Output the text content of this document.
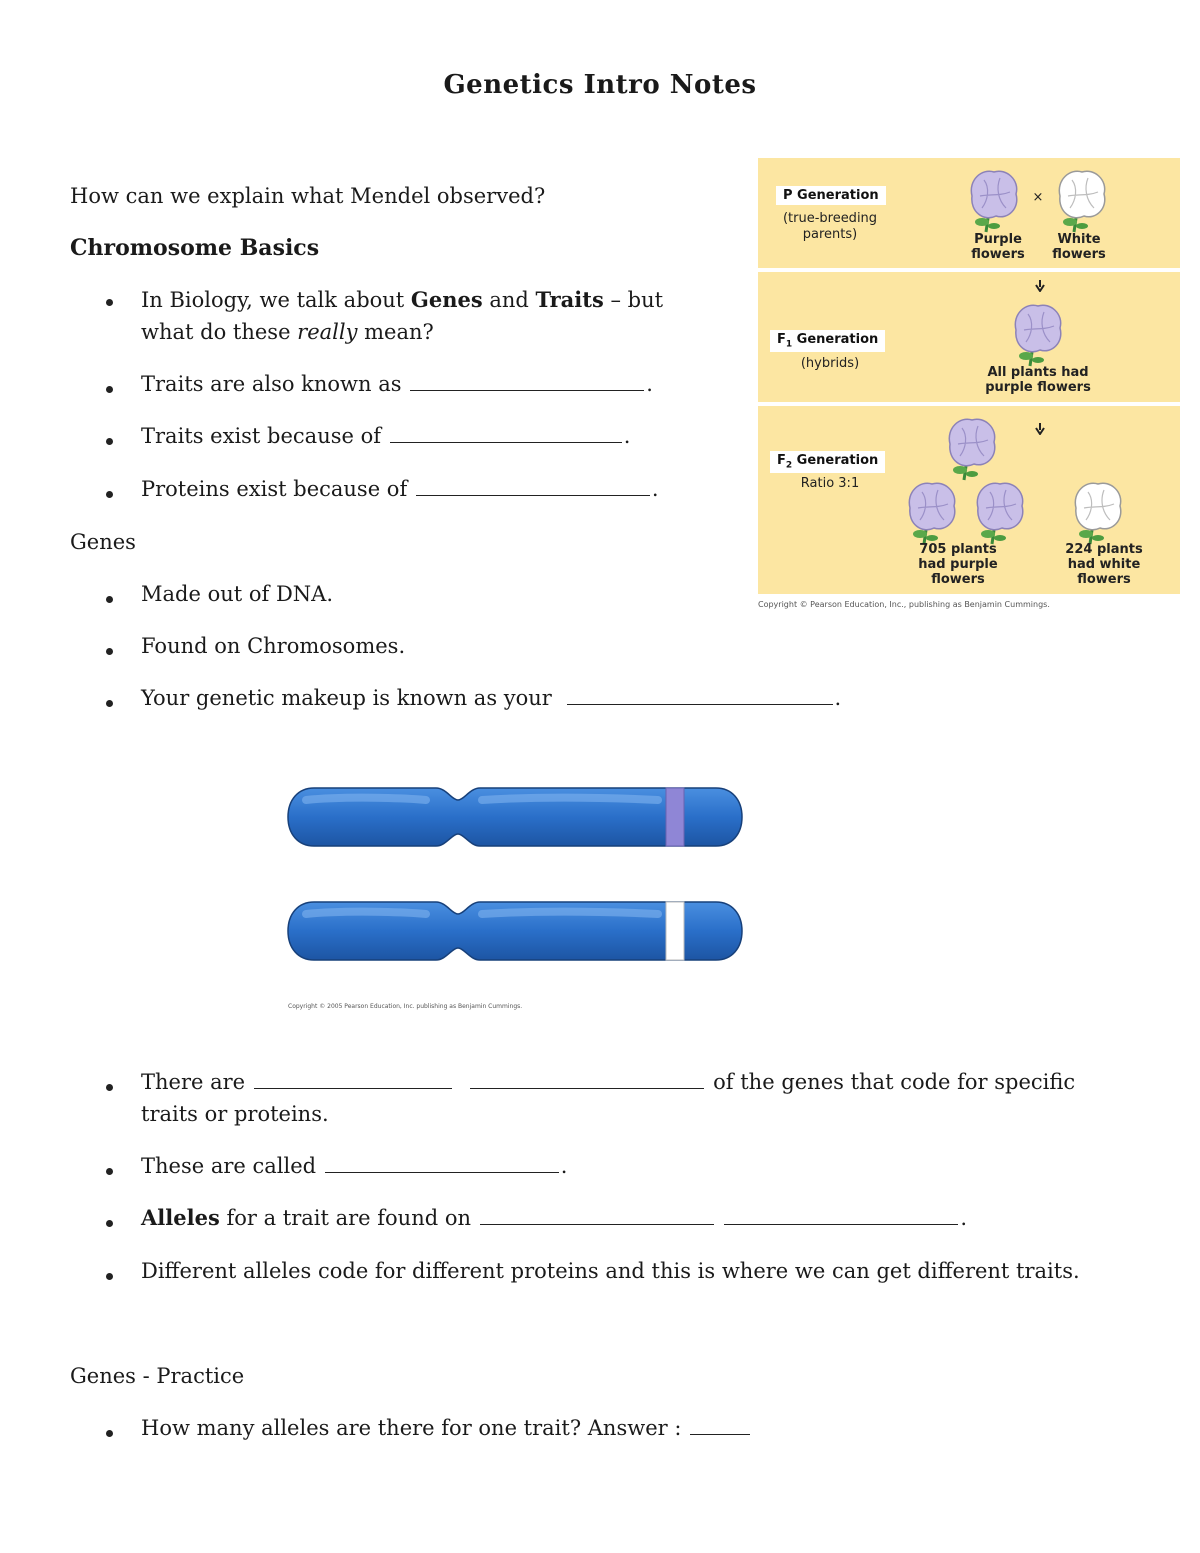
Genetics Intro Notes
How can we explain what Mendel observed?
Chromosome Basics
In Biology, we talk about Genes and Traits – but
what do these really mean?
Traits are also known as	.
Traits exist because of	.
Proteins exist because of	.
Genes
Made out of DNA.
Found on Chromosomes.
Your genetic makeup is known as your	.
P Generation
(true-breeding
parents)
×
Purple
flowers
White
flowers
$F_1$ Generation
(hybrids)
All plants had
purple flowers
$F_2$ Generation
Ratio 3:1
705 plants
had purple
flowers
224 plants
had white
flowers
Copyright © Pearson Education, Inc., publishing as Benjamin Cummings.
Copyright © 2005 Pearson Education, Inc. publishing as Benjamin Cummings.
There are	of the genes that code for specific
traits or proteins.
These are called	.
Alleles for a trait are found on	.
Different alleles code for different proteins and this is where we can get different traits.
Genes - Practice
How many alleles are there for one trait? Answer :
